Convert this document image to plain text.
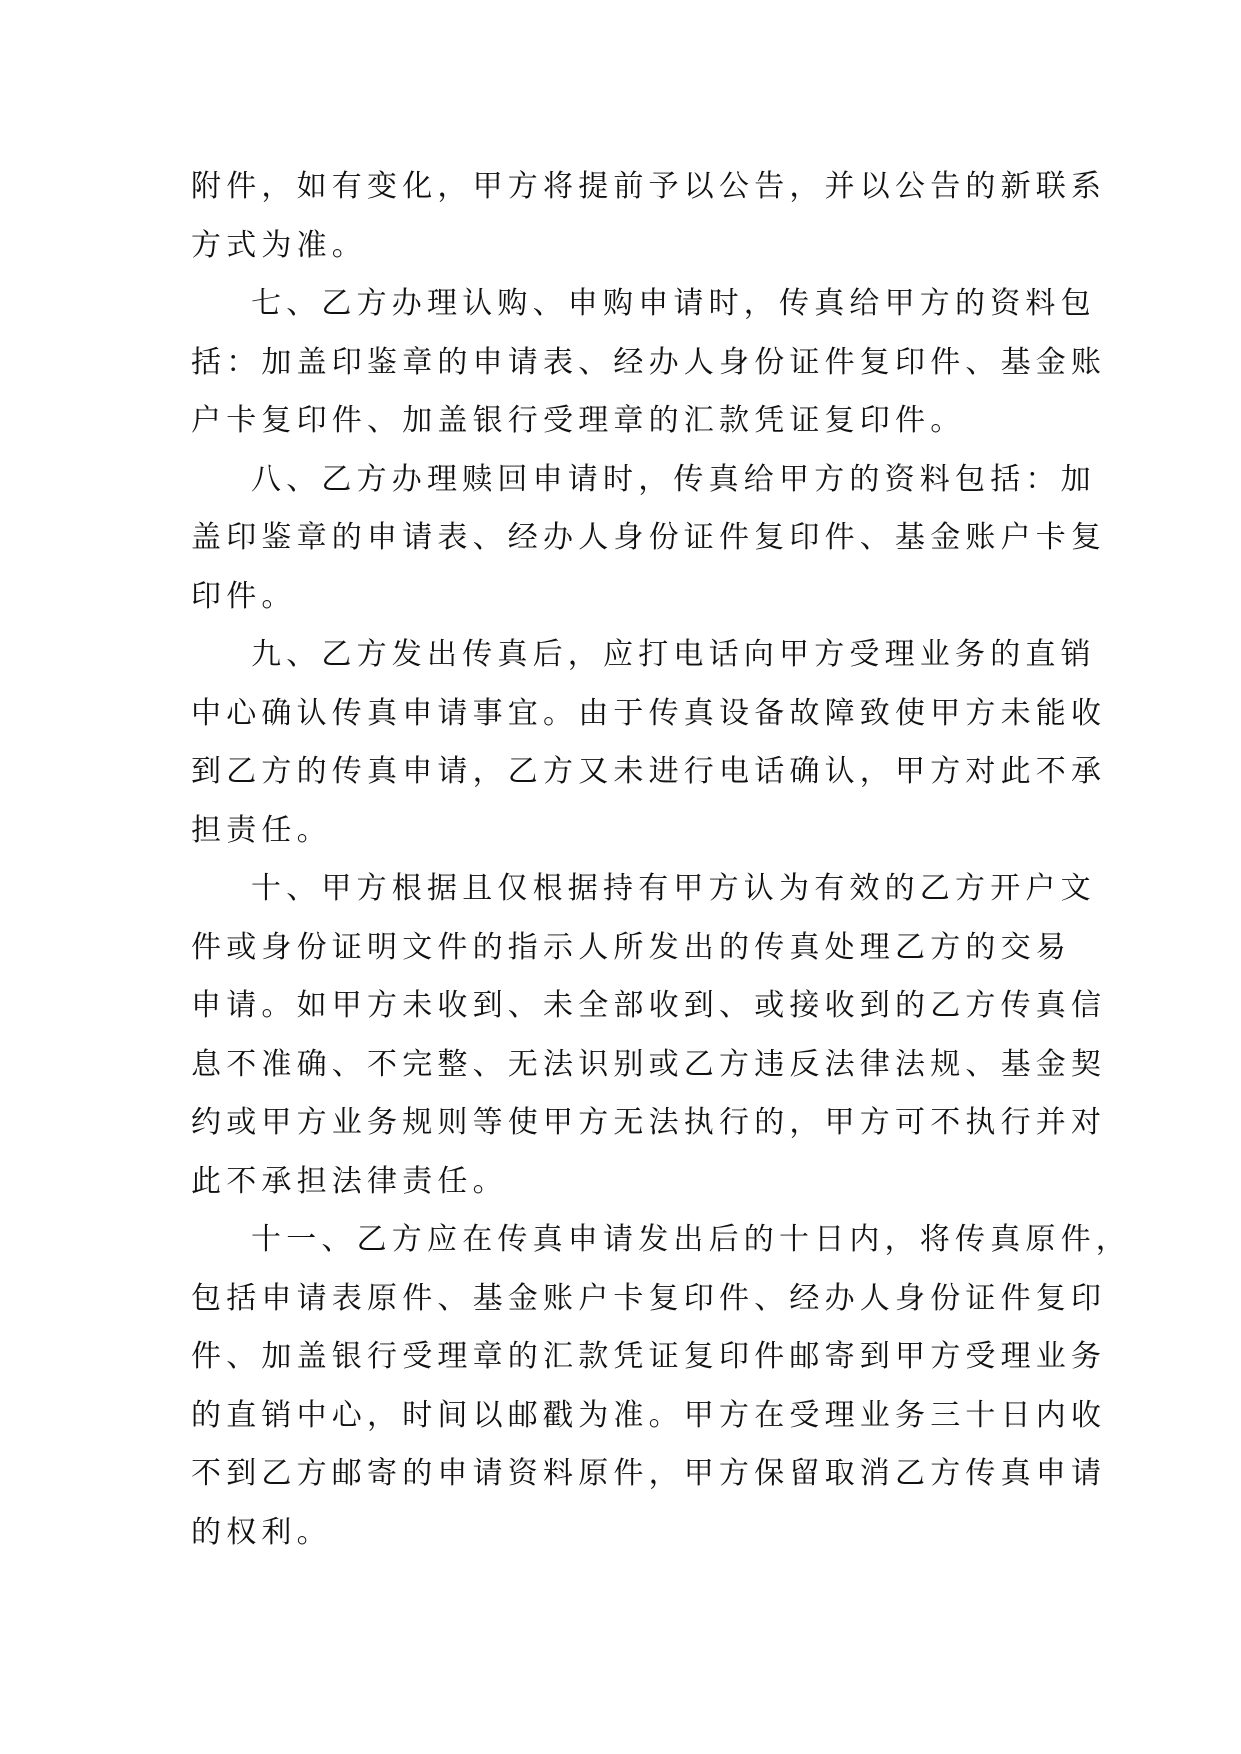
附件，如有变化，甲方将提前予以公告，并以公告的新联系
方式为准。
七、乙方办理认购、申购申请时，传真给甲方的资料包
括：加盖印鉴章的申请表、经办人身份证件复印件、基金账
户卡复印件、加盖银行受理章的汇款凭证复印件。
八、乙方办理赎回申请时，传真给甲方的资料包括：加
盖印鉴章的申请表、经办人身份证件复印件、基金账户卡复
印件。
九、乙方发出传真后，应打电话向甲方受理业务的直销
中心确认传真申请事宜。由于传真设备故障致使甲方未能收
到乙方的传真申请，乙方又未进行电话确认，甲方对此不承
担责任。
十、甲方根据且仅根据持有甲方认为有效的乙方开户文
件或身份证明文件的指示人所发出的传真处理乙方的交易
申请。如甲方未收到、未全部收到、或接收到的乙方传真信
息不准确、不完整、无法识别或乙方违反法律法规、基金契
约或甲方业务规则等使甲方无法执行的，甲方可不执行并对
此不承担法律责任。
十一、乙方应在传真申请发出后的十日内，将传真原件，
包括申请表原件、基金账户卡复印件、经办人身份证件复印
件、加盖银行受理章的汇款凭证复印件邮寄到甲方受理业务
的直销中心，时间以邮戳为准。甲方在受理业务三十日内收
不到乙方邮寄的申请资料原件，甲方保留取消乙方传真申请
的权利。
